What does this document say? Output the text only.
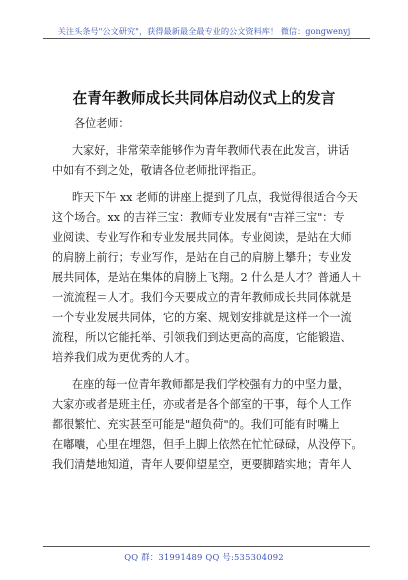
关注头条号"公文研究"，获得最新最全最专业的公文资料库！ 微信：gongwenyj
在青年教师成长共同体启动仪式上的发言
各位老师：
大家好，非常荣幸能够作为青年教师代表在此发言，讲话
中如有不到之处，敬请各位老师批评指正。
昨天下午 xx 老师的讲座上提到了几点，我觉得很适合今天
这个场合。xx 的吉祥三宝：教师专业发展有"吉祥三宝"：专
业阅读、专业写作和专业发展共同体。专业阅读，是站在大师
的肩膀上前行；专业写作，是站在自己的肩膀上攀升；专业发
展共同体，是站在集体的肩膀上飞翔。2 什么是人才？普通人＋
一流流程＝人才。我们今天要成立的青年教师成长共同体就是
一个专业发展共同体，它的方案、规划安排就是这样一个一流
流程，所以它能托举、引领我们到达更高的高度，它能锻造、
培养我们成为更优秀的人才。
在座的每一位青年教师都是我们学校强有力的中坚力量，
大家亦或者是班主任，亦或者是各个部室的干事，每个人工作
都很繁忙、充实甚至可能是"超负荷"的。我们可能有时嘴上
在嘟囔，心里在埋怨，但手上脚上依然在忙忙碌碌，从没停下。
我们清楚地知道，青年人要仰望星空，更要脚踏实地；青年人
QQ 群：31991489 QQ 号:535304092
